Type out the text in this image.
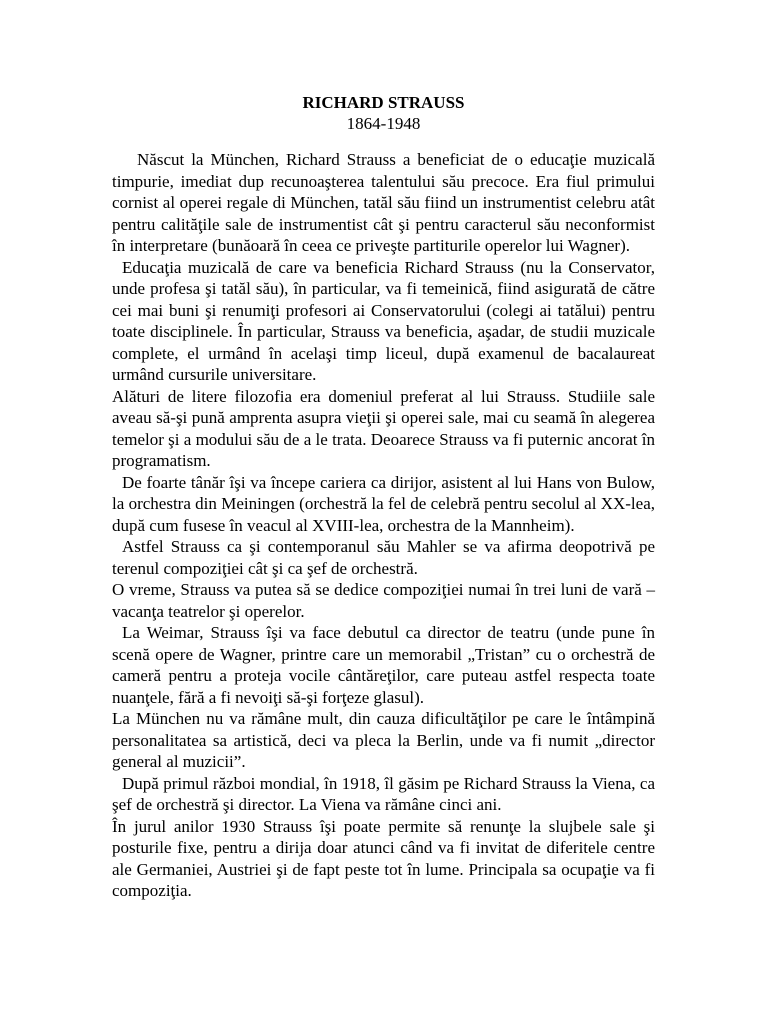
RICHARD STRAUSS

1864-1948

Născut la München, Richard Strauss a beneficiat de o educaţie muzicală timpurie, imediat dup recunoaşterea talentului său precoce. Era fiul primului cornist al operei regale di München, tatăl său fiind un instrumentist celebru atât pentru calităţile sale de instrumentist cât şi pentru caracterul său neconformist în interpretare (bunăoară în ceea ce priveşte partiturile operelor lui Wagner).

Educaţia muzicală de care va beneficia Richard Strauss (nu la Conservator, unde profesa şi tatăl său), în particular, va fi temeinică, fiind asigurată de către cei mai buni şi renumiţi profesori ai Conservatorului (colegi ai tatălui) pentru toate disciplinele. În particular, Strauss va beneficia, aşadar, de studii muzicale complete, el urmând în acelaşi timp liceul, după examenul de bacalaureat urmând cursurile universitare.

Alături de litere filozofia era domeniul preferat al lui Strauss. Studiile sale aveau să-şi pună amprenta asupra vieţii şi operei sale, mai cu seamă în alegerea temelor şi a modului său de a le trata. Deoarece Strauss va fi puternic ancorat în programatism.

De foarte tânăr îşi va începe cariera ca dirijor, asistent al lui Hans von Bulow, la orchestra din Meiningen (orchestră la fel de celebră pentru secolul al XX-lea, după cum fusese în veacul al XVIII-lea, orchestra de la Mannheim).

Astfel Strauss ca şi contemporanul său Mahler se va afirma deopotrivă pe terenul compoziţiei cât şi ca şef de orchestră.

O vreme, Strauss va putea să se dedice compoziţiei numai în trei luni de vară – vacanţa teatrelor şi operelor.

La Weimar, Strauss îşi va face debutul ca director de teatru (unde pune în scenă opere de Wagner, printre care un memorabil „Tristan” cu o orchestră de cameră pentru a proteja vocile cântăreţilor, care puteau astfel respecta toate nuanţele, fără a fi nevoiţi să-şi forţeze glasul).

La München nu va rămâne mult, din cauza dificultăţilor pe care le întâmpină personalitatea sa artistică, deci va pleca la Berlin, unde va fi numit „director general al muzicii”.

După primul război mondial, în 1918, îl găsim pe Richard Strauss la Viena, ca şef de orchestră şi director. La Viena va rămâne cinci ani.

În jurul anilor 1930 Strauss îşi poate permite să renunţe la slujbele sale şi posturile fixe, pentru a dirija doar atunci când va fi invitat de diferitele centre ale Germaniei, Austriei şi de fapt peste tot în lume. Principala sa ocupaţie va fi compoziţia.
